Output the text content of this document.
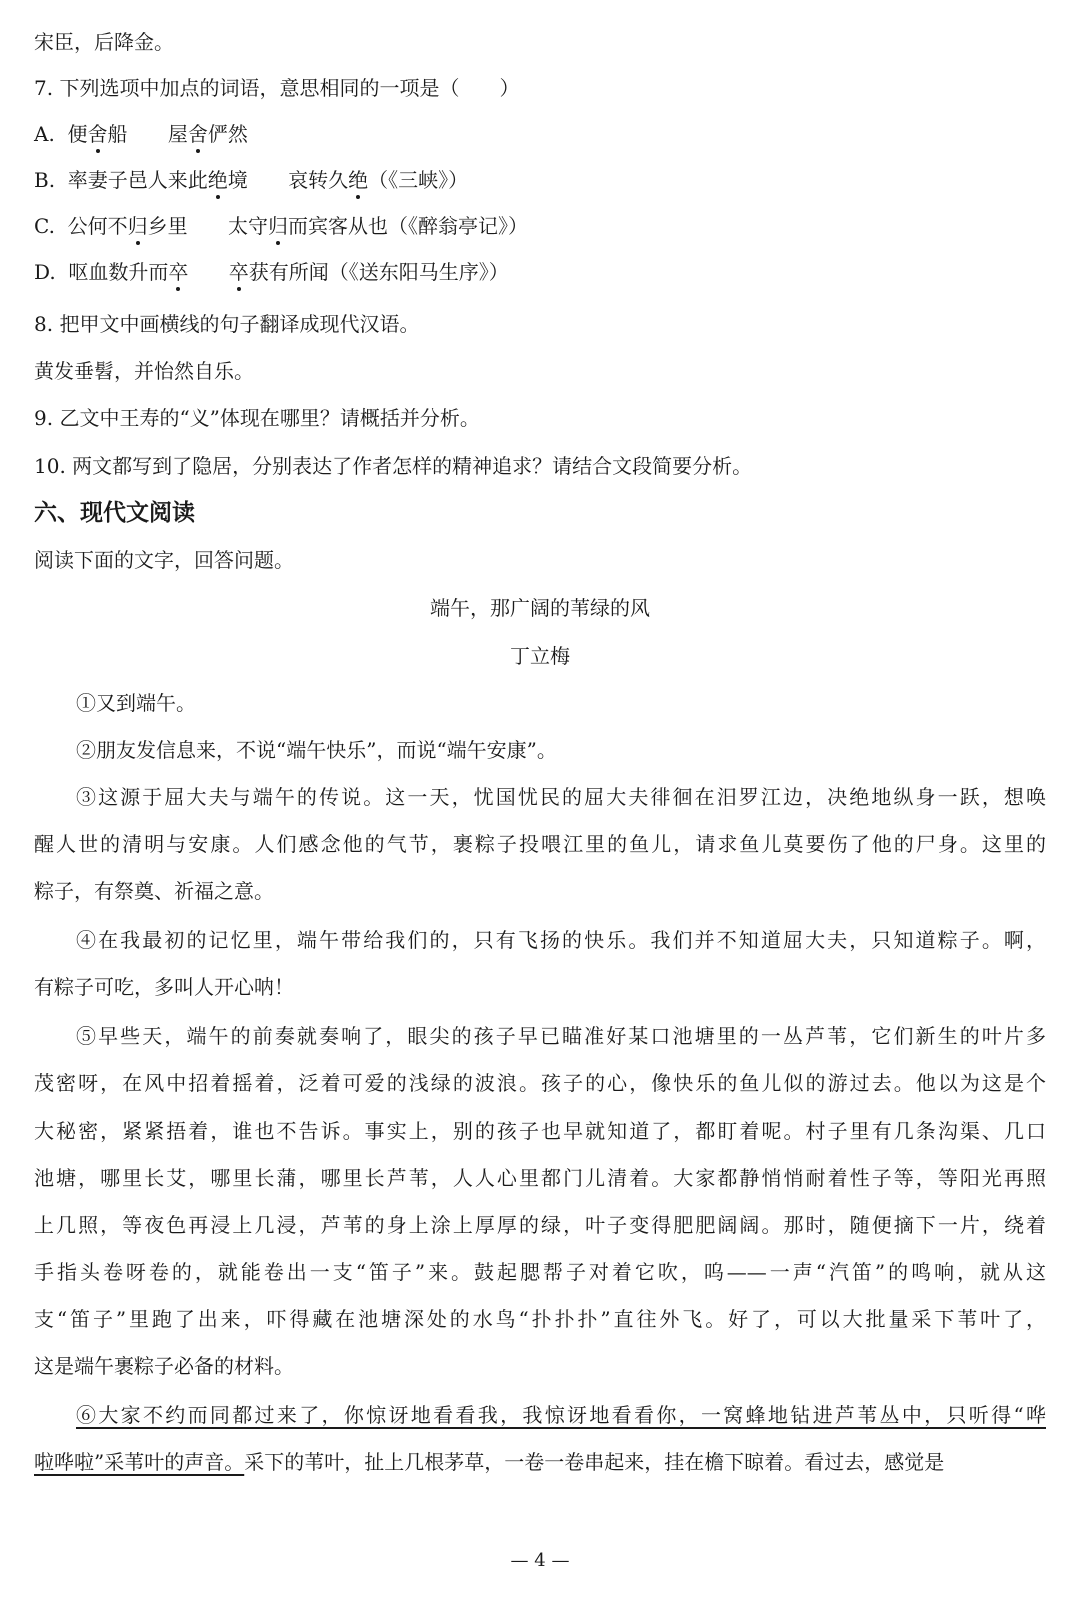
宋臣，后降金。
7. 下列选项中加点的词语，意思相同的一项是（　　）
A. 便舍船 屋舍俨然
B. 率妻子邑人来此绝境 哀转久绝（《三峡》）
C. 公何不归乡里 太守归而宾客从也（《醉翁亭记》）
D. 呕血数升而卒 卒获有所闻（《送东阳马生序》）
8. 把甲文中画横线的句子翻译成现代汉语。
黄发垂髫，并怡然自乐。
9. 乙文中王寿的“义”体现在哪里？请概括并分析。
10. 两文都写到了隐居，分别表达了作者怎样的精神追求？请结合文段简要分析。
六、现代文阅读
阅读下面的文字，回答问题。
端午，那广阔的苇绿的风
丁立梅
①又到端午。
②朋友发信息来，不说“端午快乐”，而说“端午安康”。
③这源于屈大夫与端午的传说。这一天，忧国忧民的屈大夫徘徊在汨罗江边，决绝地纵身一跃，想唤
醒人世的清明与安康。人们感念他的气节，裹粽子投喂江里的鱼儿，请求鱼儿莫要伤了他的尸身。这里的
粽子，有祭奠、祈福之意。
④在我最初的记忆里，端午带给我们的，只有飞扬的快乐。我们并不知道屈大夫，只知道粽子。啊，
有粽子可吃，多叫人开心呐！
⑤早些天，端午的前奏就奏响了，眼尖的孩子早已瞄准好某口池塘里的一丛芦苇，它们新生的叶片多
茂密呀，在风中招着摇着，泛着可爱的浅绿的波浪。孩子的心，像快乐的鱼儿似的游过去。他以为这是个
大秘密，紧紧捂着，谁也不告诉。事实上，别的孩子也早就知道了，都盯着呢。村子里有几条沟渠、几口
池塘，哪里长艾，哪里长蒲，哪里长芦苇，人人心里都门儿清着。大家都静悄悄耐着性子等，等阳光再照
上几照，等夜色再浸上几浸，芦苇的身上涂上厚厚的绿，叶子变得肥肥阔阔。那时，随便摘下一片，绕着
手指头卷呀卷的，就能卷出一支“笛子”来。鼓起腮帮子对着它吹，呜——一声“汽笛”的鸣响，就从这
支“笛子”里跑了出来，吓得藏在池塘深处的水鸟“扑扑扑”直往外飞。好了，可以大批量采下苇叶了，
这是端午裹粽子必备的材料。
⑥大家不约而同都过来了，你惊讶地看看我，我惊讶地看看你，一窝蜂地钻进芦苇丛中，只听得“哗
啦哗啦”采苇叶的声音。采下的苇叶，扯上几根茅草，一卷一卷串起来，挂在檐下晾着。看过去，感觉是
— 4 —
